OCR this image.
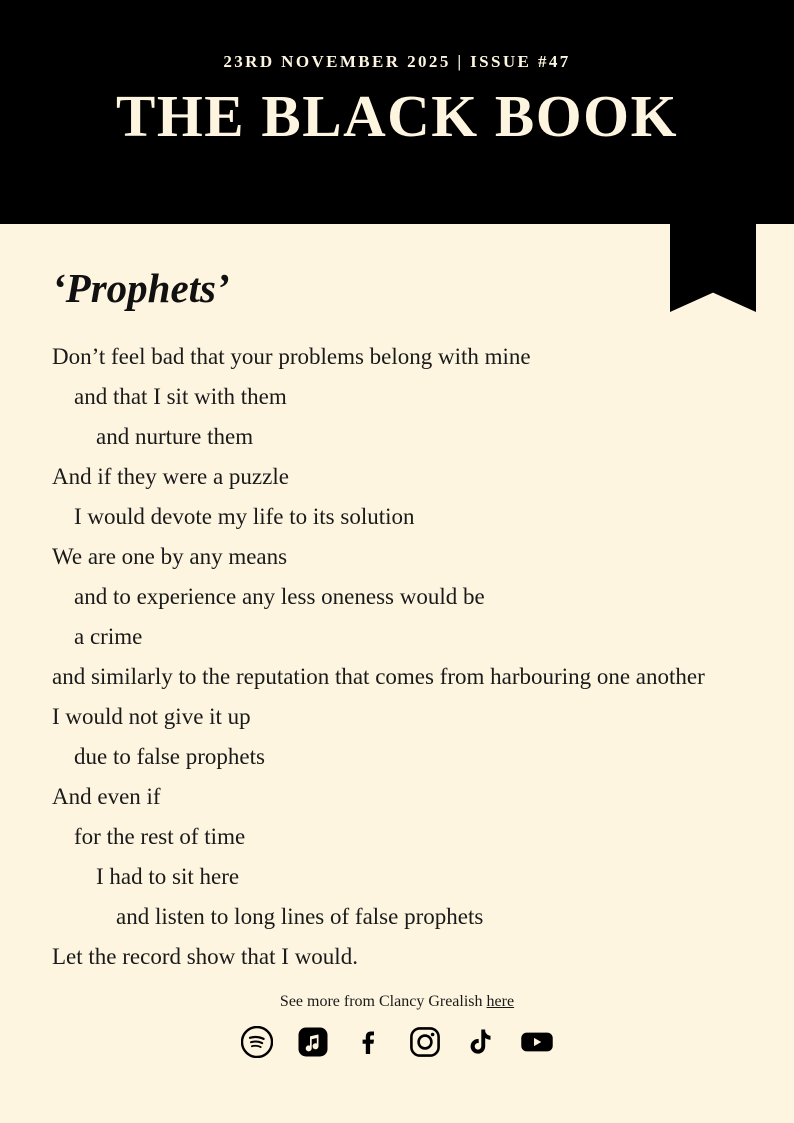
23RD NOVEMBER 2025 | ISSUE #47

THE BLACK BOOK
‘Prophets’
Don’t feel bad that your problems belong with mine
and that I sit with them
and nurture them
And if they were a puzzle
I would devote my life to its solution
We are one by any means
and to experience any less oneness would be
a crime
and similarly to the reputation that comes from harbouring one another
I would not give it up
due to false prophets
And even if
for the rest of time
I had to sit here
and listen to long lines of false prophets
Let the record show that I would.

See more from Clancy Grealish here
